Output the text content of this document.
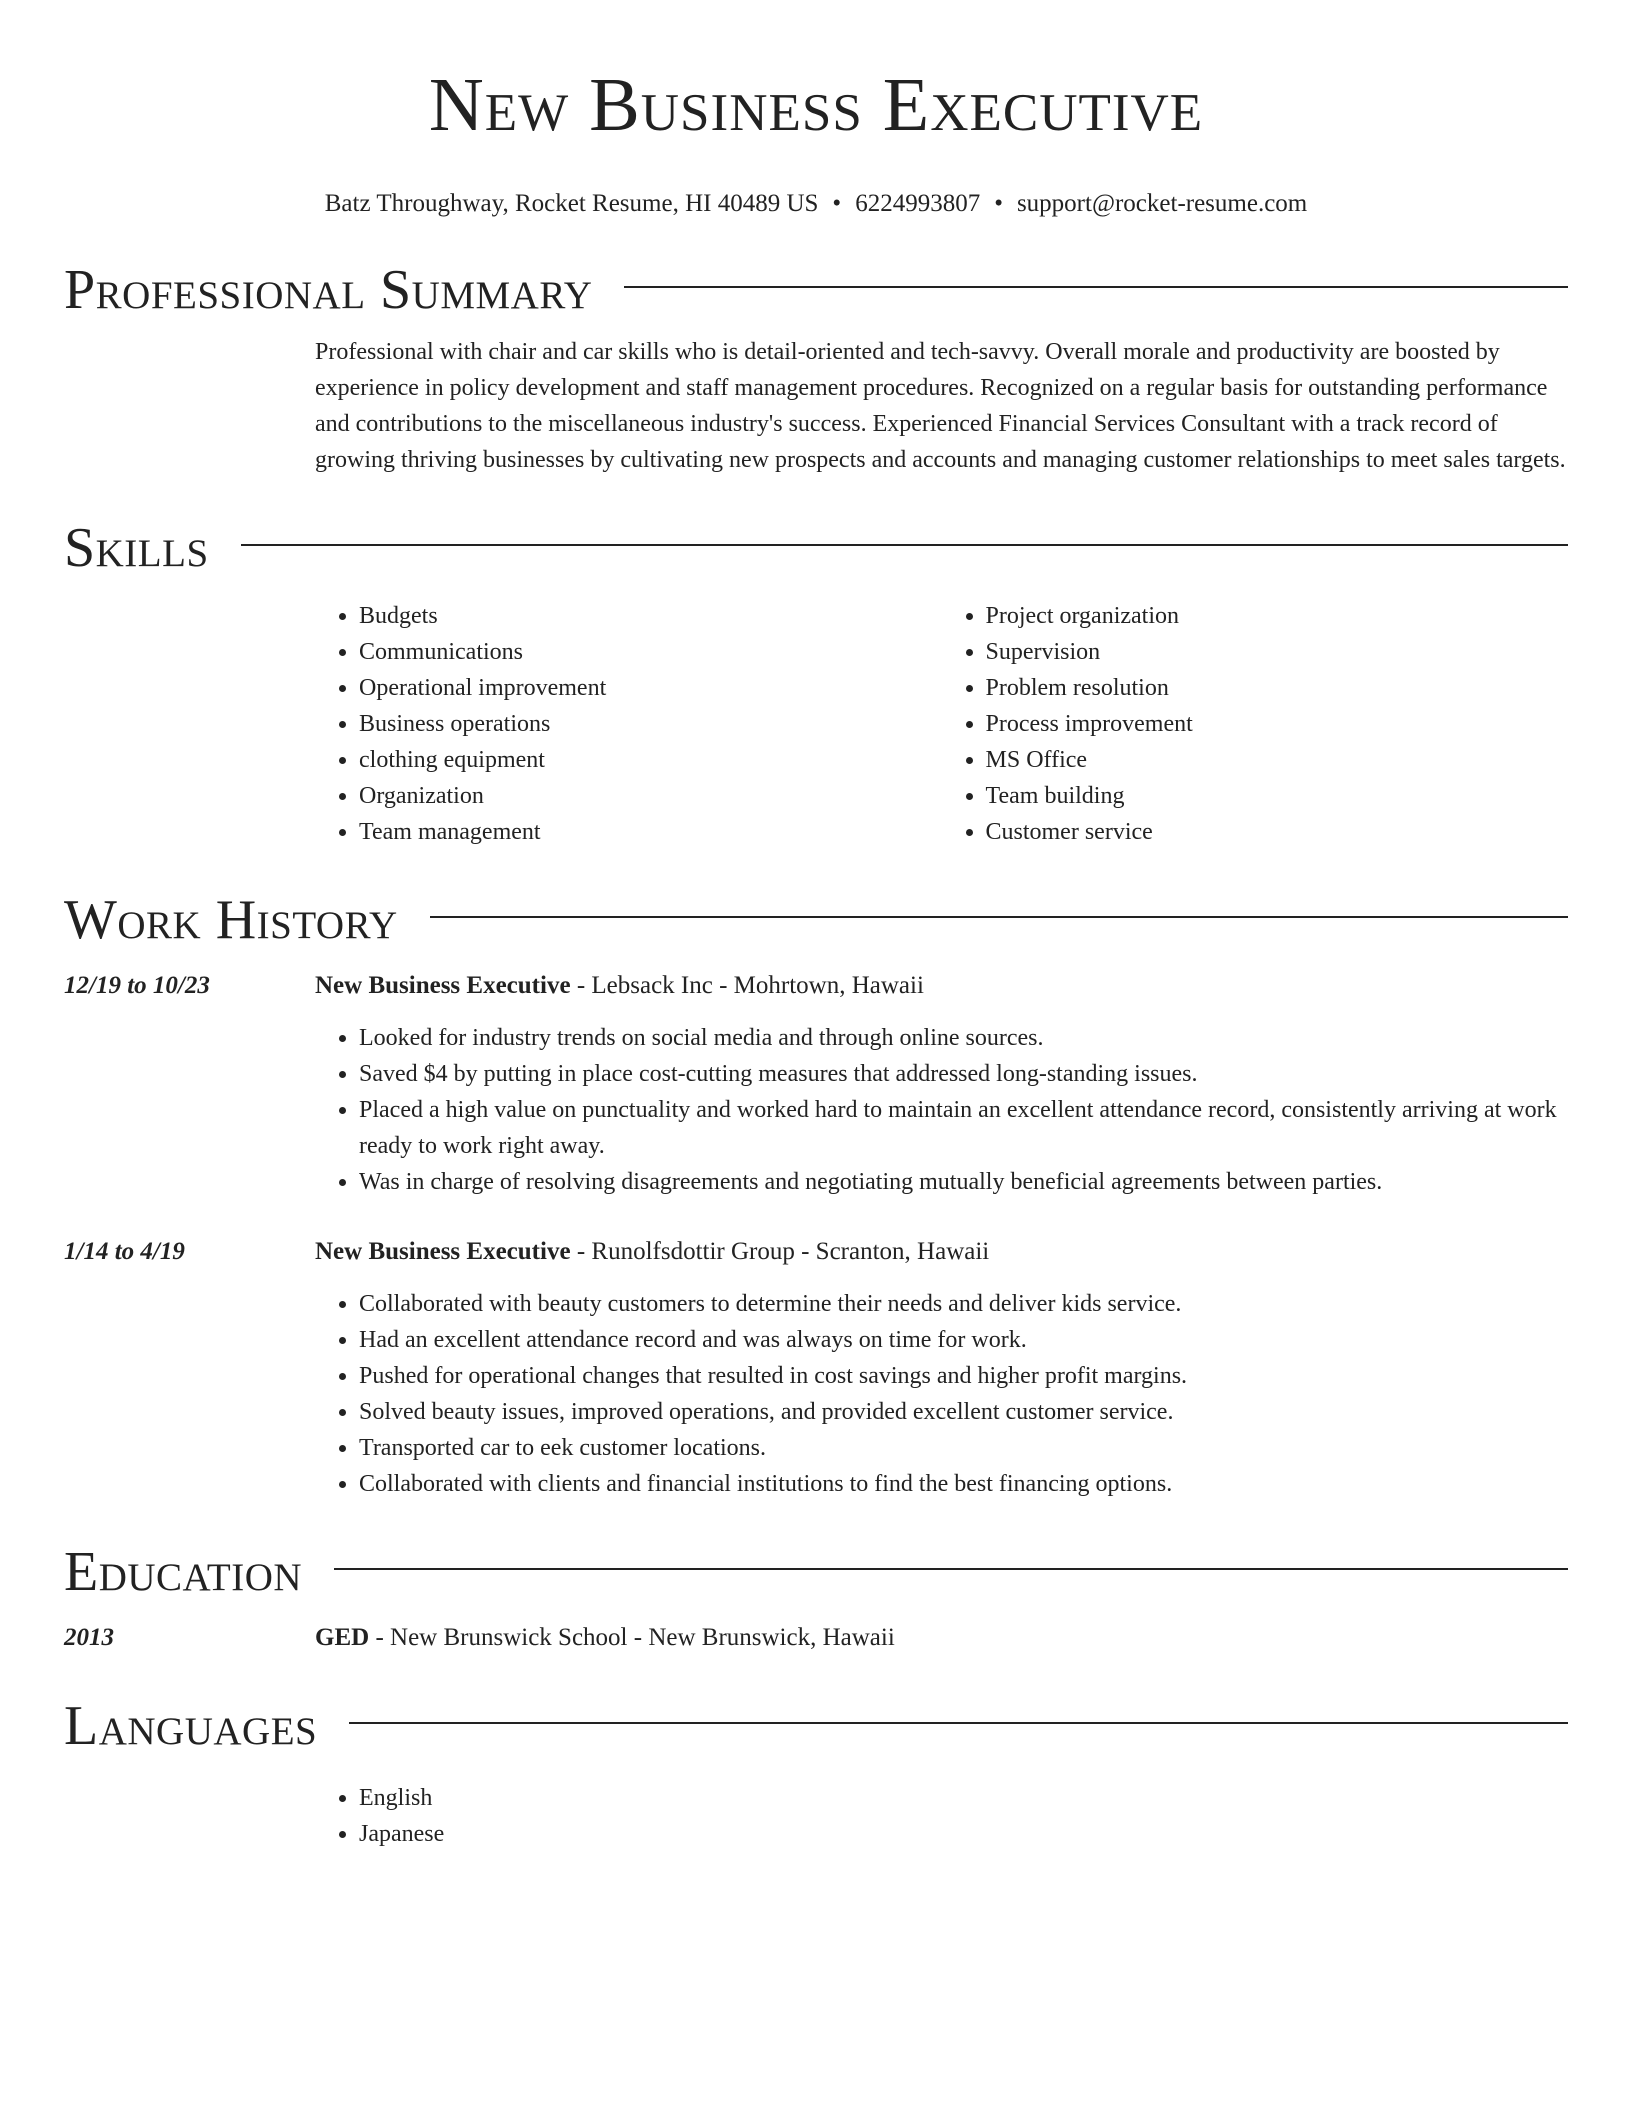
New Business Executive
Batz Throughway, Rocket Resume, HI 40489 US • 6224993807 • support@rocket-resume.com
Professional Summary

Professional with chair and car skills who is detail-oriented and tech-savvy. Overall morale and productivity are boosted by experience in policy development and staff management procedures. Recognized on a regular basis for outstanding performance and contributions to the miscellaneous industry's success. Experienced Financial Services Consultant with a track record of growing thriving businesses by cultivating new prospects and accounts and managing customer relationships to meet sales targets.

Skills
• Budgets
• Communications
• Operational improvement
• Business operations
• clothing equipment
• Organization
• Team management
• Project organization
• Supervision
• Problem resolution
• Process improvement
• MS Office
• Team building
• Customer service
Work History
12/19 to 10/23	New Business Executive - Lebsack Inc - Mohrtown, Hawaii
• Looked for industry trends on social media and through online sources.
• Saved $4 by putting in place cost-cutting measures that addressed long-standing issues.
• Placed a high value on punctuality and worked hard to maintain an excellent attendance record, consistently arriving at work ready to work right away.
• Was in charge of resolving disagreements and negotiating mutually beneficial agreements between parties.
1/14 to 4/19	New Business Executive - Runolfsdottir Group - Scranton, Hawaii
• Collaborated with beauty customers to determine their needs and deliver kids service.
• Had an excellent attendance record and was always on time for work.
• Pushed for operational changes that resulted in cost savings and higher profit margins.
• Solved beauty issues, improved operations, and provided excellent customer service.
• Transported car to eek customer locations.
• Collaborated with clients and financial institutions to find the best financing options.
Education
2013	GED - New Brunswick School - New Brunswick, Hawaii
Languages
• English
• Japanese
